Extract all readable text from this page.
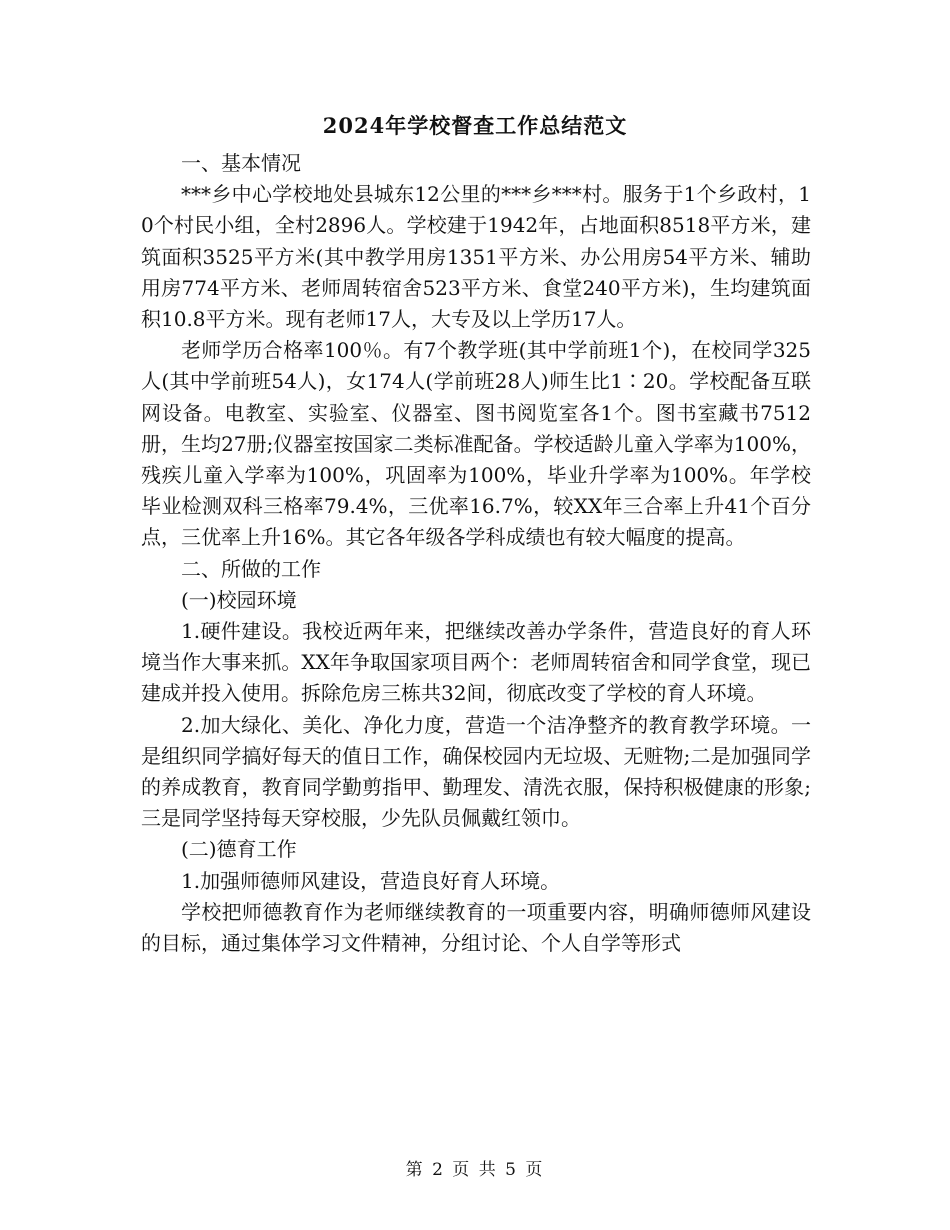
2024年学校督查工作总结范文

一、基本情况

***乡中心学校地处县城东12公里的***乡***村。服务于1个乡政村，10个村民小组，全村2896人。学校建于1942年，占地面积8518平方米，建筑面积3525平方米(其中教学用房1351平方米、办公用房54平方米、辅助用房774平方米、老师周转宿舍523平方米、食堂240平方米)，生均建筑面积10.8平方米。现有老师17人，大专及以上学历17人。

老师学历合格率100％。有7个教学班(其中学前班1个)，在校同学325人(其中学前班54人)，女174人(学前班28人)师生比1∶20。学校配备互联网设备。电教室、实验室、仪器室、图书阅览室各1个。图书室藏书7512册，生均27册;仪器室按国家二类标准配备。学校适龄儿童入学率为100%，残疾儿童入学率为100%，巩固率为100%，毕业升学率为100%。年学校毕业检测双科三格率79.4%，三优率16.7%，较XX年三合率上升41个百分点，三优率上升16%。其它各年级各学科成绩也有较大幅度的提高。

二、所做的工作

(一)校园环境

1.硬件建设。我校近两年来，把继续改善办学条件，营造良好的育人环境当作大事来抓。XX年争取国家项目两个：老师周转宿舍和同学食堂，现已建成并投入使用。拆除危房三栋共32间，彻底改变了学校的育人环境。

2.加大绿化、美化、净化力度，营造一个洁净整齐的教育教学环境。一是组织同学搞好每天的值日工作，确保校园内无垃圾、无赃物;二是加强同学的养成教育，教育同学勤剪指甲、勤理发、清洗衣服，保持积极健康的形象;三是同学坚持每天穿校服，少先队员佩戴红领巾。

(二)德育工作

1.加强师德师风建设，营造良好育人环境。

学校把师德教育作为老师继续教育的一项重要内容，明确师德师风建设的目标，通过集体学习文件精神，分组讨论、个人自学等形式

第 2 页 共 5 页
